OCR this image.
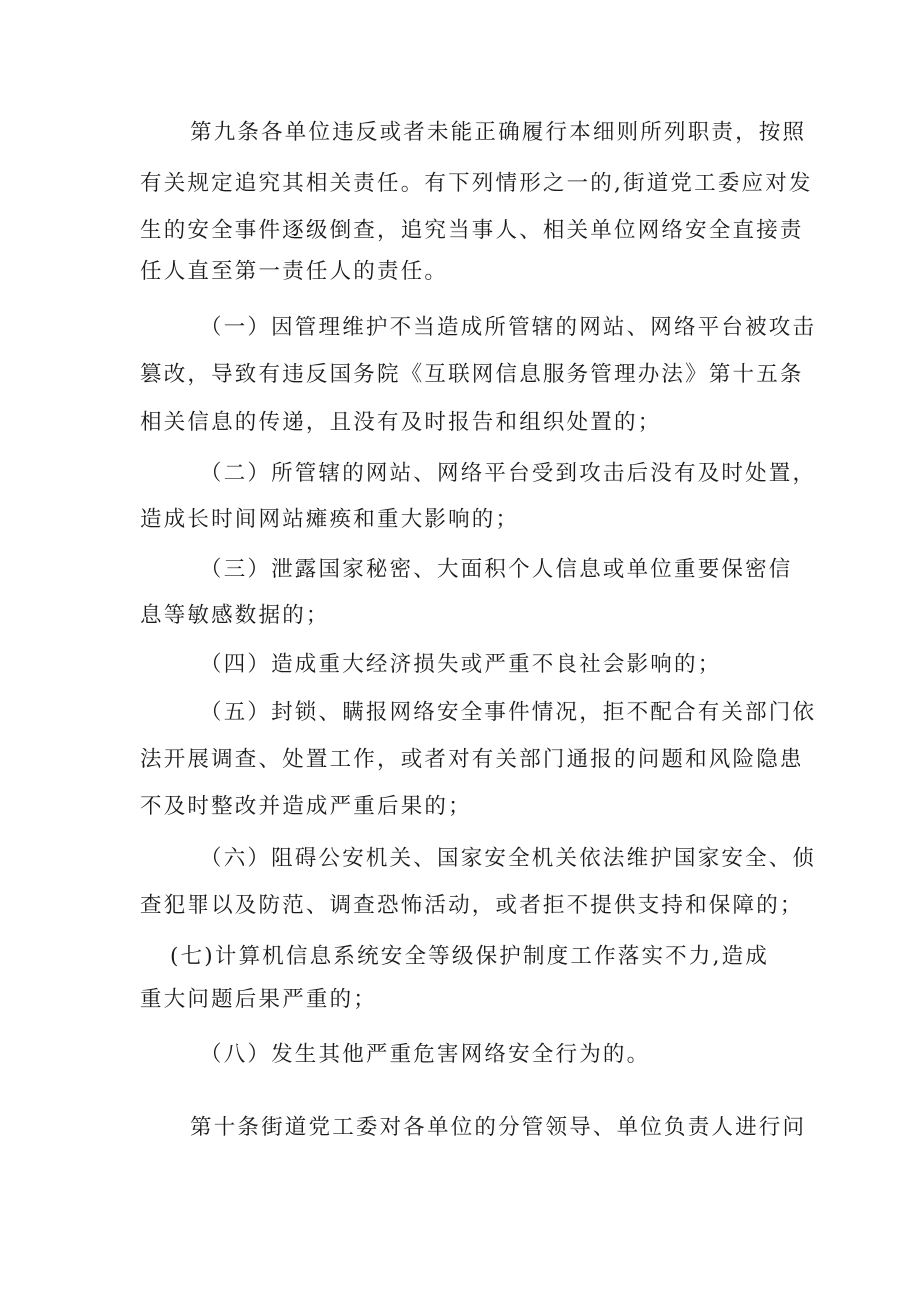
第九条各单位违反或者未能正确履行本细则所列职责，按照
有关规定追究其相关责任。有下列情形之一的,街道党工委应对发
生的安全事件逐级倒查，追究当事人、相关单位网络安全直接责
任人直至第一责任人的责任。
（一）因管理维护不当造成所管辖的网站、网络平台被攻击
篡改，导致有违反国务院《互联网信息服务管理办法》第十五条
相关信息的传递，且没有及时报告和组织处置的；
（二）所管辖的网站、网络平台受到攻击后没有及时处置，
造成长时间网站瘫痪和重大影响的；
（三）泄露国家秘密、大面积个人信息或单位重要保密信
息等敏感数据的；
（四）造成重大经济损失或严重不良社会影响的；
（五）封锁、瞒报网络安全事件情况，拒不配合有关部门依
法开展调查、处置工作，或者对有关部门通报的问题和风险隐患
不及时整改并造成严重后果的；
（六）阻碍公安机关、国家安全机关依法维护国家安全、侦
查犯罪以及防范、调查恐怖活动，或者拒不提供支持和保障的；
(七)计算机信息系统安全等级保护制度工作落实不力,造成
重大问题后果严重的；
（八）发生其他严重危害网络安全行为的。
第十条街道党工委对各单位的分管领导、单位负责人进行问
